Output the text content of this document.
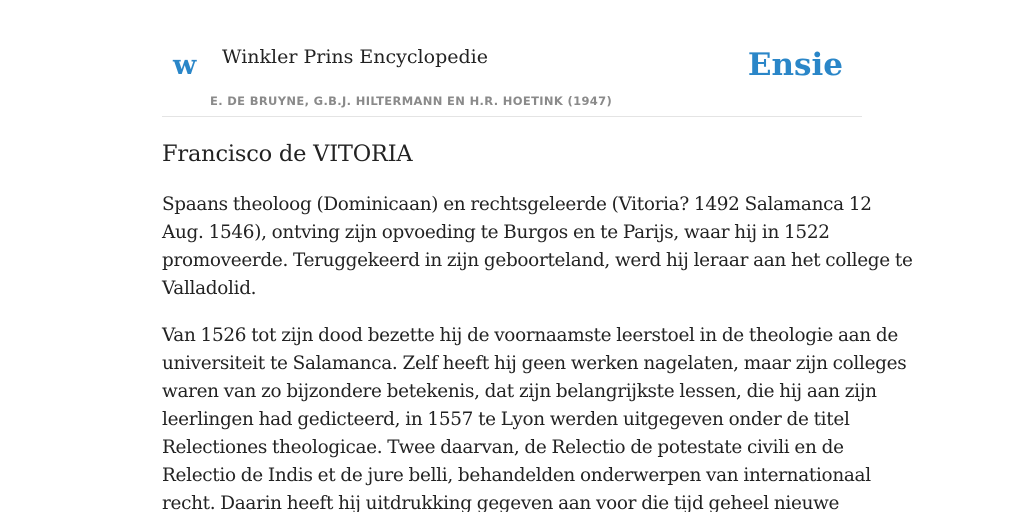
w Winkler Prins Encyclopedie
E. DE BRUYNE, G.B.J. HILTERMANN EN H.R. HOETINK (1947)
Ensie
Francisco de VITORIA

Spaans theoloog (Dominicaan) en rechtsgeleerde (Vitoria? 1492 Salamanca 12
Aug. 1546), ontving zijn opvoeding te Burgos en te Parijs, waar hij in 1522
promoveerde. Teruggekeerd in zijn geboorteland, werd hij leraar aan het college te
Valladolid.

Van 1526 tot zijn dood bezette hij de voornaamste leerstoel in de theologie aan de
universiteit te Salamanca. Zelf heeft hij geen werken nagelaten, maar zijn colleges
waren van zo bijzondere betekenis, dat zijn belangrijkste lessen, die hij aan zijn
leerlingen had gedicteerd, in 1557 te Lyon werden uitgegeven onder de titel
Relectiones theologicae. Twee daarvan, de Relectio de potestate civili en de
Relectio de Indis et de jure belli, behandelden onderwerpen van internationaal
recht. Daarin heeft hij uitdrukking gegeven aan voor die tijd geheel nieuwe
